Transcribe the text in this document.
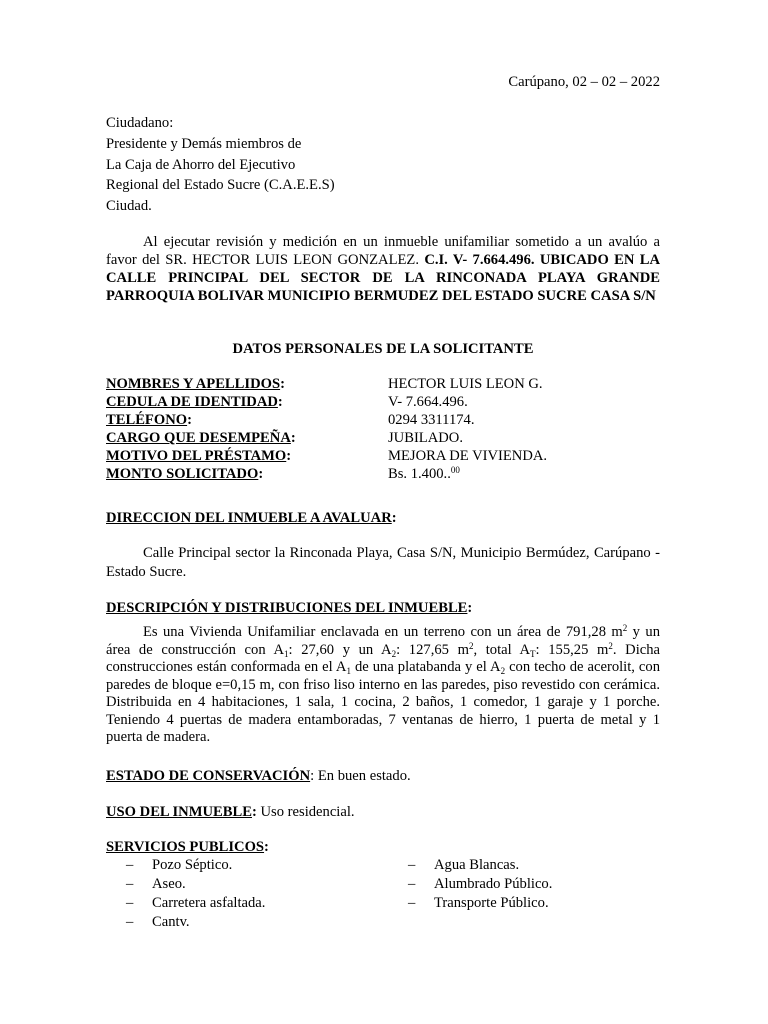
Carúpano, 02 – 02 – 2022
Ciudadano:
Presidente y Demás miembros de
La Caja de Ahorro del Ejecutivo
Regional del Estado Sucre (C.A.E.E.S)
Ciudad.

Al ejecutar revisión y medición en un inmueble unifamiliar sometido a un avalúo a favor del SR. HECTOR LUIS LEON GONZALEZ. C.I. V- 7.664.496. UBICADO EN LA CALLE PRINCIPAL DEL SECTOR DE LA RINCONADA PLAYA GRANDE PARROQUIA BOLIVAR MUNICIPIO BERMUDEZ DEL ESTADO SUCRE CASA S/N

DATOS PERSONALES DE LA SOLICITANTE
NOMBRES Y APELLIDOS:	HECTOR LUIS LEON G.
CEDULA DE IDENTIDAD:	V- 7.664.496.
TELÉFONO:	0294 3311174.
CARGO QUE DESEMPEÑA:	JUBILADO.
MOTIVO DEL PRÉSTAMO:	MEJORA DE VIVIENDA.
MONTO SOLICITADO:	Bs. 1.400..$^{00}$
DIRECCION DEL INMUEBLE A AVALUAR:

Calle Principal sector la Rinconada Playa, Casa S/N, Municipio Bermúdez, Carúpano -Estado Sucre.

DESCRIPCIÓN Y DISTRIBUCIONES DEL INMUEBLE:

Es una Vivienda Unifamiliar enclavada en un terreno con un área de 791,28 $m^2$ y un área de construcción con $A_1$: 27,60 y un $A_2$: 127,65 $m^2$, total $A_T$: 155,25 $m^2$. Dicha construcciones están conformada en el $A_1$ de una platabanda y el $A_2$ con techo de acerolit, con paredes de bloque e=0,15 m, con friso liso interno en las paredes, piso revestido con cerámica. Distribuida en 4 habitaciones, 1 sala, 1 cocina, 2 baños, 1 comedor, 1 garaje y 1 porche. Teniendo 4 puertas de madera entamboradas, 7 ventanas de hierro, 1 puerta de metal y 1 puerta de madera.

ESTADO DE CONSERVACIÓN: En buen estado.
USO DEL INMUEBLE: Uso residencial.
SERVICIOS PUBLICOS:
– Pozo Séptico.
– Aseo.
– Carretera asfaltada.
– Cantv.
– Agua Blancas.
– Alumbrado Público.
– Transporte Público.
